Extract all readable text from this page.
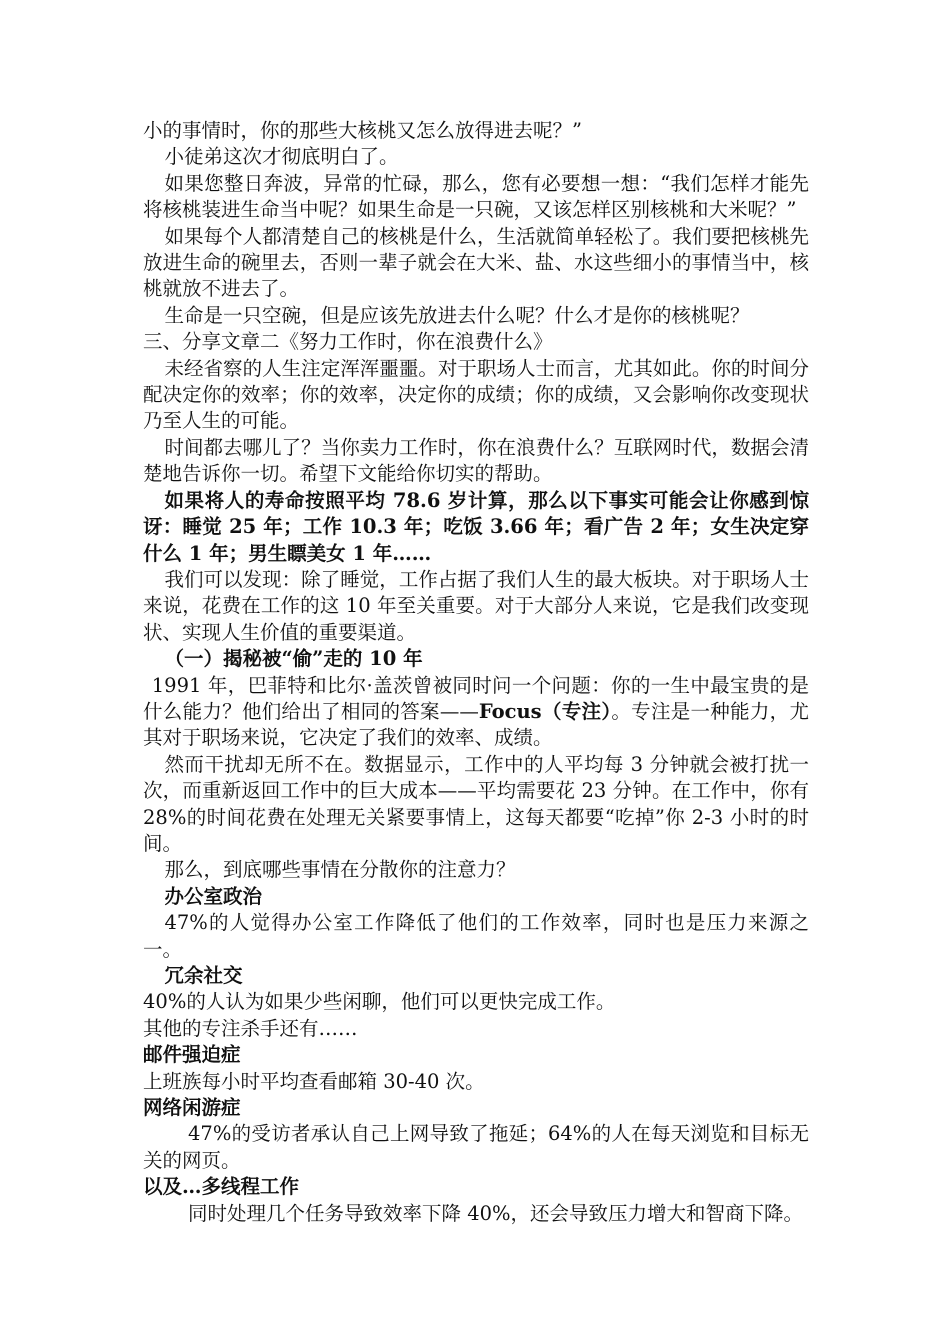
小的事情时，你的那些大核桃又怎么放得进去呢？”

小徒弟这次才彻底明白了。

如果您整日奔波，异常的忙碌，那么，您有必要想一想：“我们怎样才能先将核桃装进生命当中呢？如果生命是一只碗，又该怎样区别核桃和大米呢？”

如果每个人都清楚自己的核桃是什么，生活就简单轻松了。我们要把核桃先放进生命的碗里去，否则一辈子就会在大米、盐、水这些细小的事情当中，核桃就放不进去了。

生命是一只空碗，但是应该先放进去什么呢？什么才是你的核桃呢？

三、分享文章二《努力工作时，你在浪费什么》

未经省察的人生注定浑浑噩噩。对于职场人士而言，尤其如此。你的时间分配决定你的效率；你的效率，决定你的成绩；你的成绩，又会影响你改变现状乃至人生的可能。

时间都去哪儿了？当你卖力工作时，你在浪费什么？互联网时代，数据会清楚地告诉你一切。希望下文能给你切实的帮助。

如果将人的寿命按照平均 78.6 岁计算，那么以下事实可能会让你感到惊讶：睡觉 25 年；工作 10.3 年；吃饭 3.66 年；看广告 2 年；女生决定穿什么 1 年；男生瞟美女 1 年……

我们可以发现：除了睡觉，工作占据了我们人生的最大板块。对于职场人士来说，花费在工作的这 10 年至关重要。对于大部分人来说，它是我们改变现状、实现人生价值的重要渠道。

（一）揭秘被“偷”走的 10 年

1991 年，巴菲特和比尔·盖茨曾被同时问一个问题：你的一生中最宝贵的是什么能力？他们给出了相同的答案——Focus（专注）。专注是一种能力，尤其对于职场来说，它决定了我们的效率、成绩。

然而干扰却无所不在。数据显示，工作中的人平均每 3 分钟就会被打扰一次，而重新返回工作中的巨大成本——平均需要花 23 分钟。在工作中，你有 28%的时间花费在处理无关紧要事情上，这每天都要“吃掉”你 2-3 小时的时间。

那么，到底哪些事情在分散你的注意力？

办公室政治

47%的人觉得办公室工作降低了他们的工作效率，同时也是压力来源之一。

冗余社交

40%的人认为如果少些闲聊，他们可以更快完成工作。

其他的专注杀手还有……

邮件强迫症

上班族每小时平均查看邮箱 30-40 次。

网络闲游症

47%的受访者承认自己上网导致了拖延；64%的人在每天浏览和目标无关的网页。

以及…多线程工作

同时处理几个任务导致效率下降 40%，还会导致压力增大和智商下降。
